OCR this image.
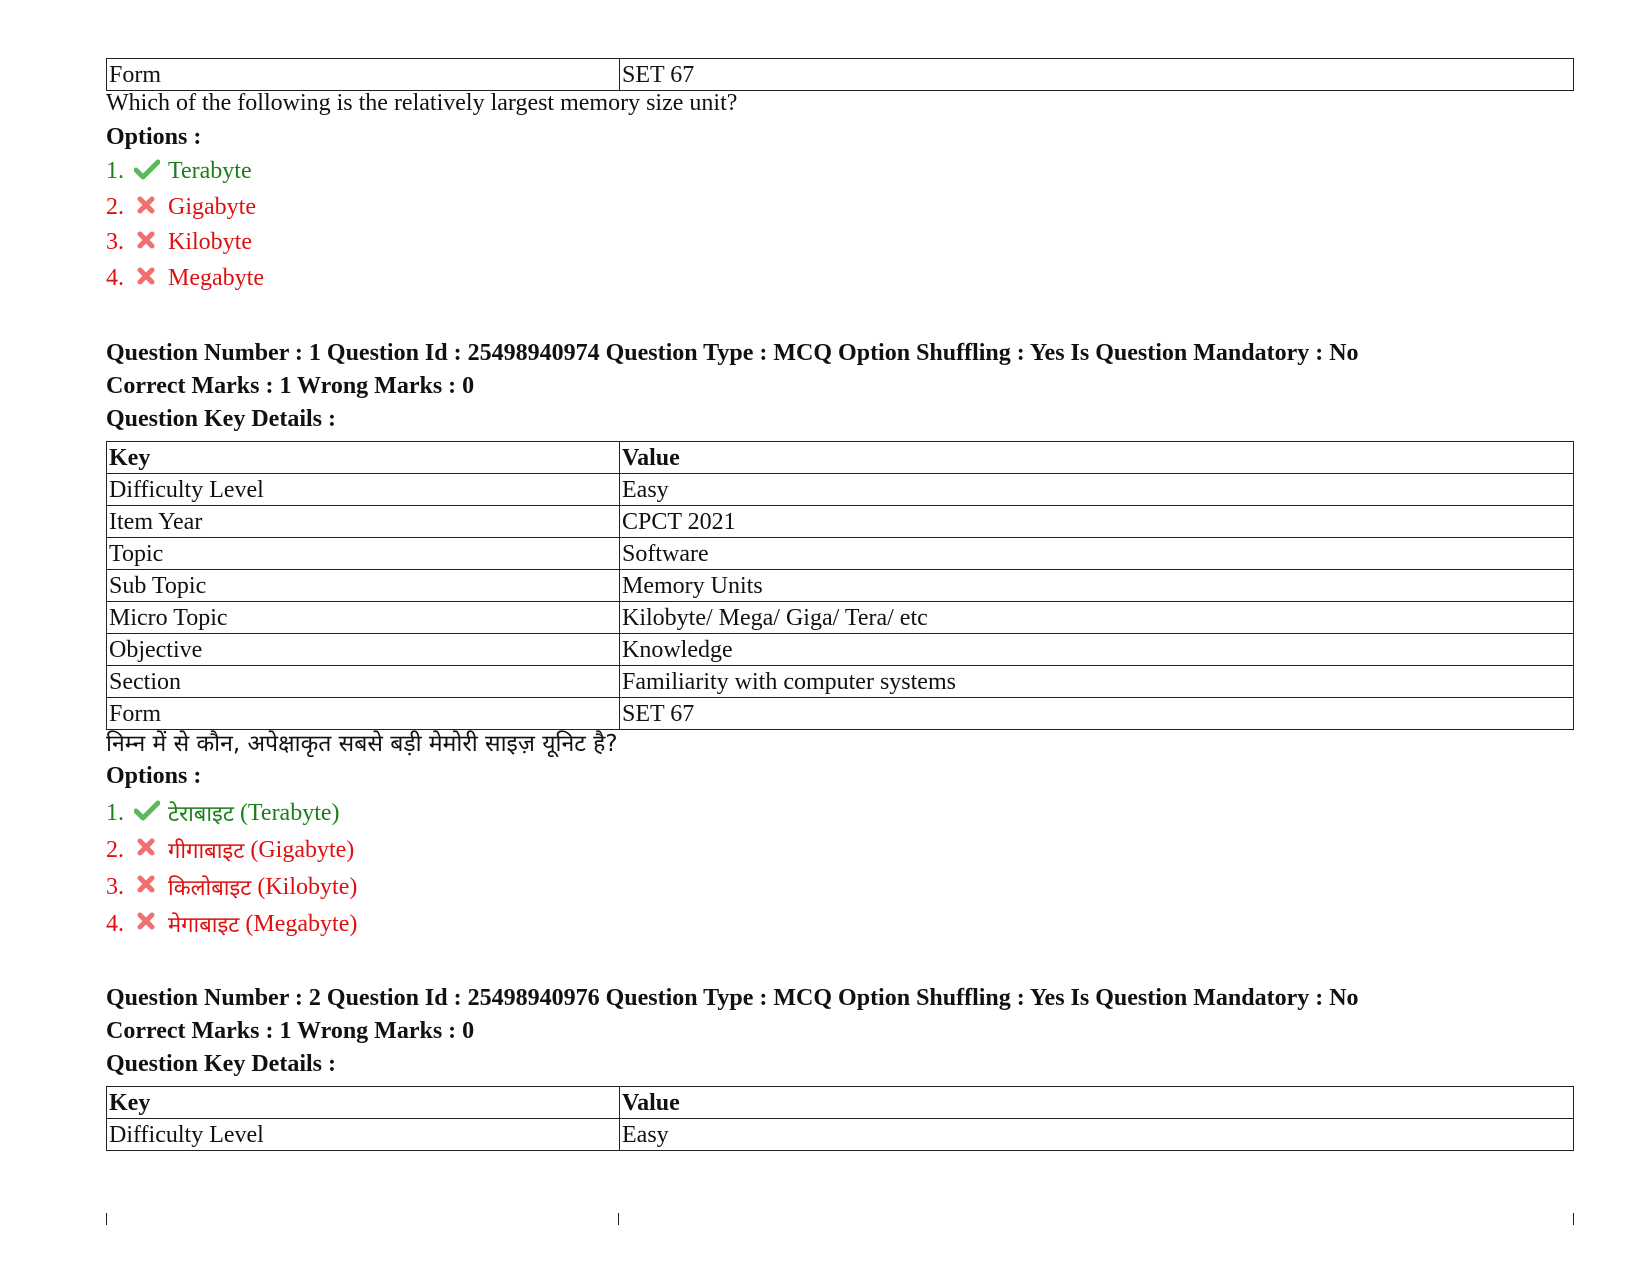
Form	SET 67
Which of the following is the relatively largest memory size unit?
Options :
1.	Terabyte
2.	Gigabyte
3.	Kilobyte
4.	Megabyte
Question Number : 1 Question Id : 25498940974 Question Type : MCQ Option Shuffling : Yes Is Question Mandatory : No
Correct Marks : 1 Wrong Marks : 0
Question Key Details :
Key	Value
Difficulty Level	Easy
Item Year	CPCT 2021
Topic	Software
Sub Topic	Memory Units
Micro Topic	Kilobyte/ Mega/ Giga/ Tera/ etc
Objective	Knowledge
Section	Familiarity with computer systems
Form	SET 67
निम्न में से कौन, अपेक्षाकृत सबसे बड़ी मेमोरी साइज़ यूनिट है?
Options :
1.	टेराबाइट (Terabyte)
2.	गीगाबाइट (Gigabyte)
3.	किलोबाइट (Kilobyte)
4.	मेगाबाइट (Megabyte)
Question Number : 2 Question Id : 25498940976 Question Type : MCQ Option Shuffling : Yes Is Question Mandatory : No
Correct Marks : 1 Wrong Marks : 0
Question Key Details :
Key	Value
Difficulty Level	Easy
